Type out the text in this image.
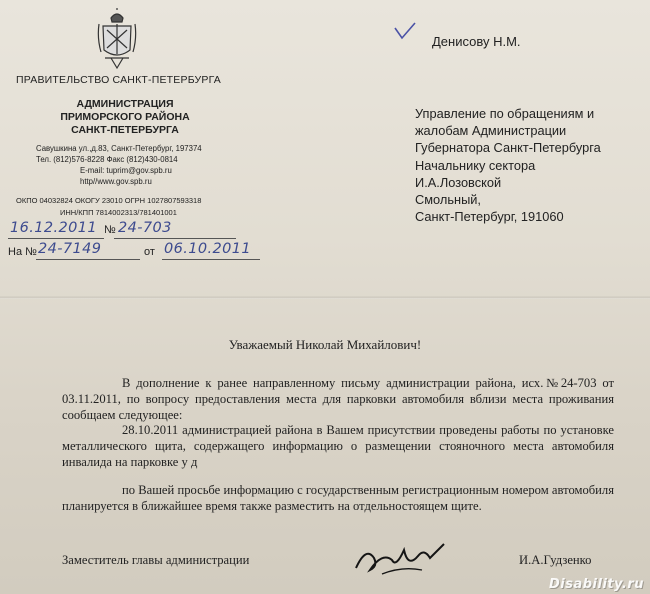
ПРАВИТЕЛЬСТВО САНКТ-ПЕТЕРБУРГА
АДМИНИСТРАЦИЯ
ПРИМОРСКОГО РАЙОНА
САНКТ-ПЕТЕРБУРГА
Савушкина ул.,д.83, Санкт-Петербург, 197374
Тел. (812)576-8228 Факс (812)430-0814
E-mail: tuprim@gov.spb.ru
http//www.gov.spb.ru
ОКПО 04032824 ОКОГУ 23010 ОГРН 1027807593318
ИНН/КПП 7814002313/781401001
16.12.2011 № 24-703
На № 24-7149	от 06.10.2011
Денисову Н.М.
Управление по обращениям и
жалобам Администрации
Губернатора Санкт-Петербурга
Начальнику сектора
И.А.Лозовской
Смольный,
Санкт-Петербург, 191060
Уважаемый Николай Михайлович!

В дополнение к ранее направленному письму администрации района, исх.№24-703 от 03.11.2011, по вопросу предоставления места для парковки автомобиля вблизи места проживания сообщаем следующее:

28.10.2011 администрацией района в Вашем присутствии проведены работы по установке металлического щита, содержащего информацию о размещении стояночного места автомобиля инвалида на парковке у д

по Вашей просьбе информацию с государственным регистрационным номером автомобиля планируется в ближайшее время также разместить на отдельностоящем щите.

Заместитель главы администрации	И.А.Гудзенко
Disability.ru
